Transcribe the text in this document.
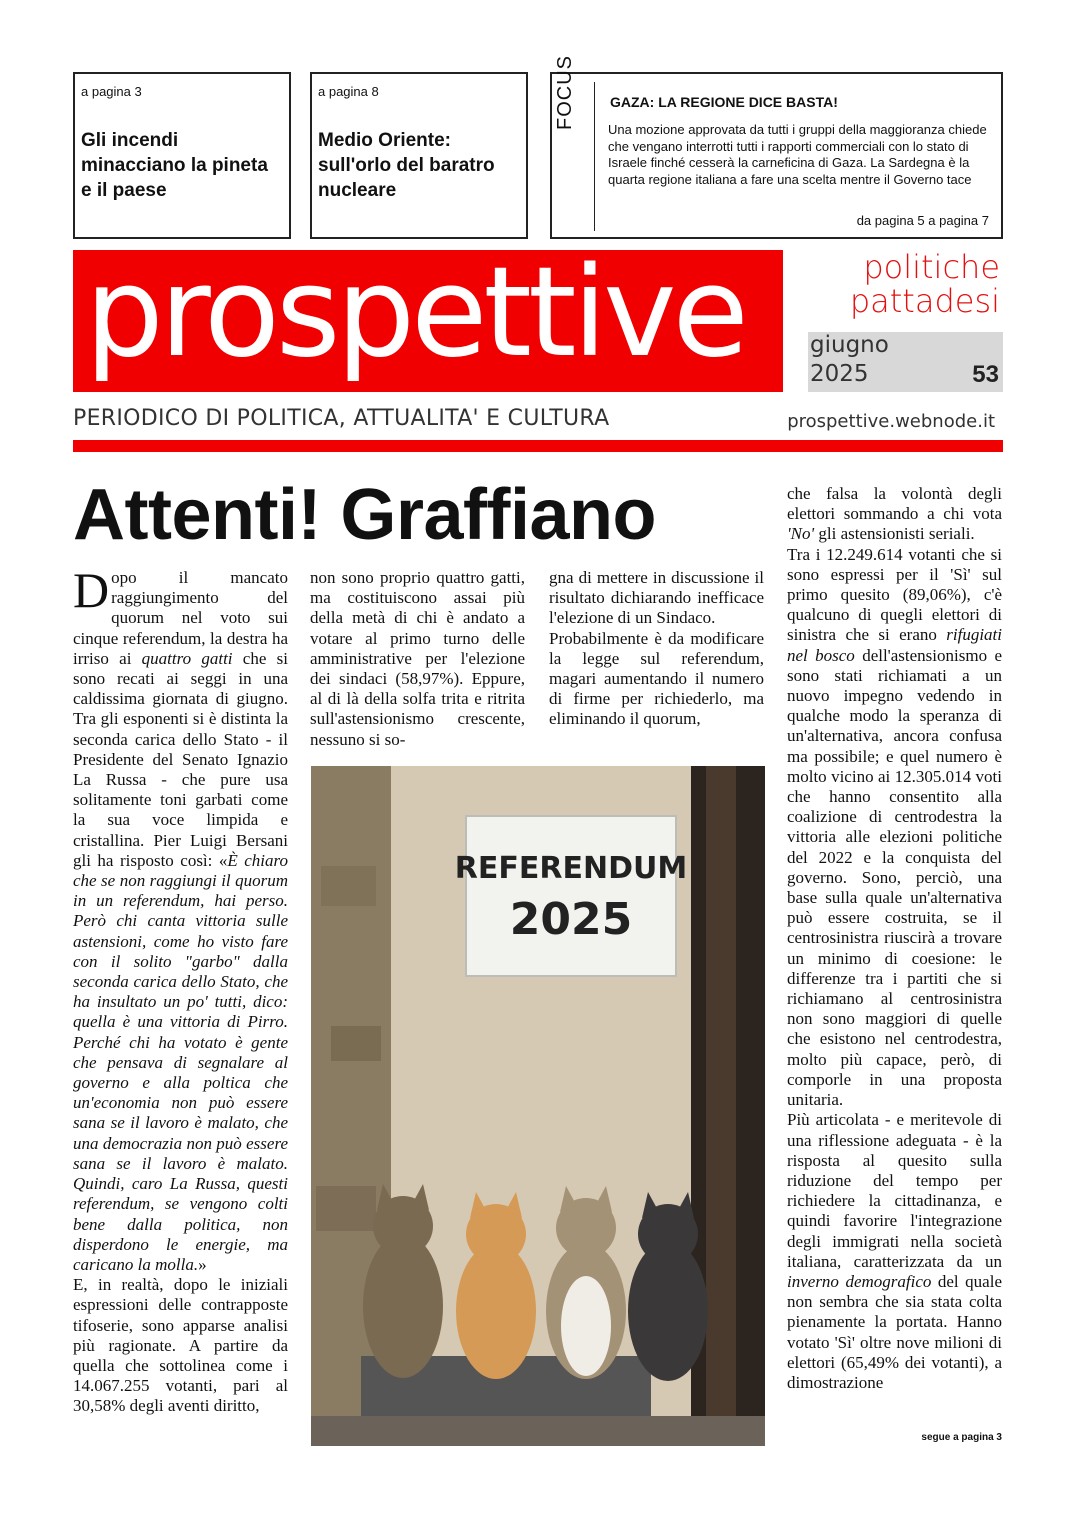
a pagina 3
Gli incendi minacciano la pineta e il paese
a pagina 8
Medio Oriente: sull'orlo del baratro nucleare
FOCUS GAZA: LA REGIONE DICE BASTA!
Una mozione approvata da tutti i gruppi della maggioranza chiede che vengano interrotti tutti i rapporti commerciali con lo stato di Israele finché cesserà la carneficina di Gaza. La Sardegna è la quarta regione italiana a fare una scelta mentre il Governo tace
da pagina 5 a pagina 7
prospettive	politiche
pattadesi
giugno
2025	53
PERIODICO DI POLITICA, ATTUALITA' E CULTURA	prospettive.webnode.it
Attenti! Graffiano

Dopo il mancato raggiungimento del quorum nel voto sui cinque referendum, la destra ha irriso ai quattro gatti che si sono recati ai seggi in una caldissima giornata di giugno. Tra gli esponenti si è distinta la seconda carica dello Stato - il Presidente del Senato Ignazio La Russa - che pure usa solitamente toni garbati come la sua voce limpida e cristallina. Pier Luigi Bersani gli ha risposto così: «È chiaro che se non raggiungi il quorum in un referendum, hai perso. Però chi canta vittoria sulle astensioni, come ho visto fare con il solito "garbo" dalla seconda carica dello Stato, che ha insultato un po' tutti, dico: quella è una vittoria di Pirro. Perché chi ha votato è gente che pensava di segnalare al governo e alla poltica che un'economia non può essere sana se il lavoro è malato, che una democrazia non può essere sana se il lavoro è malato. Quindi, caro La Russa, questi referendum, se vengono colti bene dalla politica, non disperdono le energie, ma caricano la molla.»

E, in realtà, dopo le iniziali espressioni delle contrapposte tifoserie, sono apparse analisi più ragionate. A partire da quella che sottolinea come i 14.067.255 votanti, pari al 30,58% degli aventi diritto,

non sono proprio quattro gatti, ma costituiscono assai più della metà di chi è andato a votare al primo turno delle amministrative per l'elezione dei sindaci (58,97%). Eppure, al di là della solfa trita e ritrita sull'astensionismo crescente, nessuno si so-

gna di mettere in discussione il risultato dichiarando inefficace l'elezione di un Sindaco.

Probabilmente è da modificare la legge sul referendum, magari aumentando il numero di firme per richiederlo, ma eliminando il quorum,

che falsa la volontà degli elettori sommando a chi vota 'No' gli astensionisti seriali.

Tra i 12.249.614 votanti che si sono espressi per il 'Sì' sul primo quesito (89,06%), c'è qualcuno di quegli elettori di sinistra che si erano rifugiati nel bosco dell'astensionismo e sono stati richiamati a un nuovo impegno vedendo in qualche modo la speranza di un'alternativa, ancora confusa ma possibile; e quel numero è molto vicino ai 12.305.014 voti che hanno consentito alla coalizione di centrodestra la vittoria alle elezioni politiche del 2022 e la conquista del governo. Sono, perciò, una base sulla quale un'alternativa può essere costruita, se il centrosinistra riuscirà a trovare un minimo di coesione: le differenze tra i partiti che si richiamano al centrosinistra non sono maggiori di quelle che esistono nel centrodestra, molto più capace, però, di comporle in una proposta unitaria.

Più articolata - e meritevole di una riflessione adeguata - è la risposta al quesito sulla riduzione del tempo per richiedere la cittadinanza, e quindi favorire l'integrazione degli immigrati nella società italiana, caratterizzata da un inverno demografico del quale non sembra che sia stata colta pienamente la portata. Hanno votato 'Sì' oltre nove milioni di elettori (65,49% dei votanti), a dimostrazione

segue a pagina 3
REFERENDUM
2025
